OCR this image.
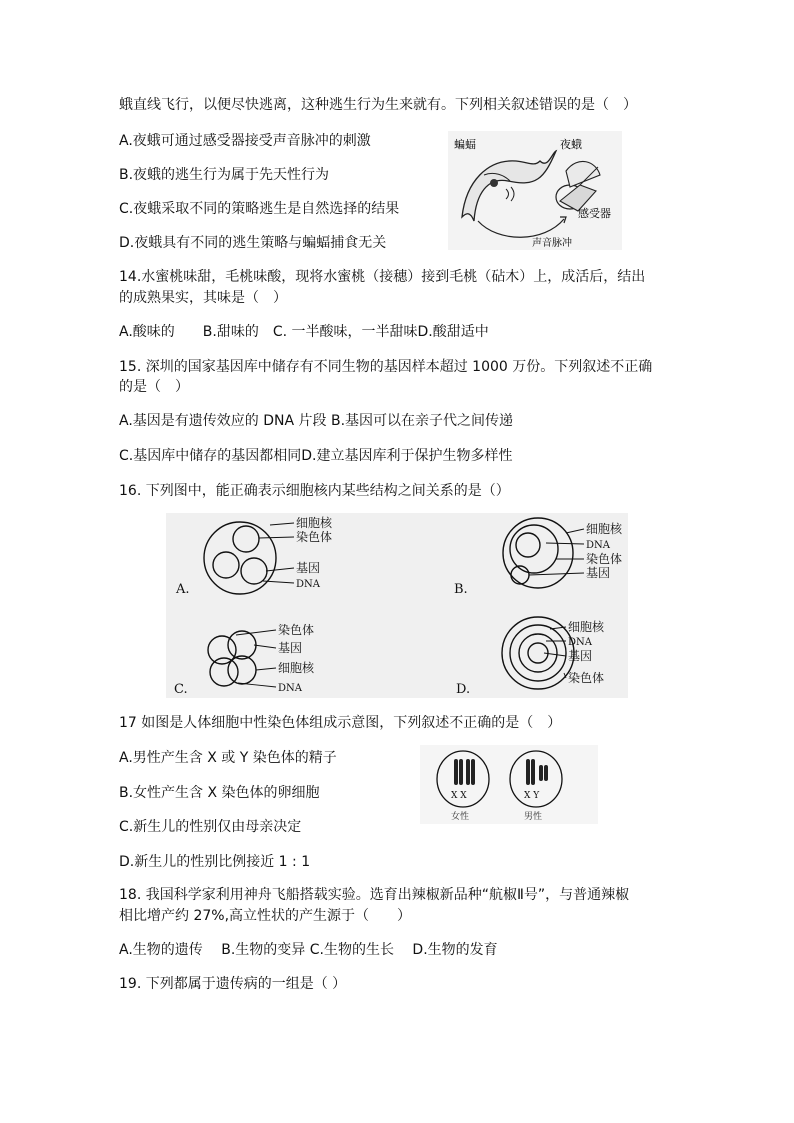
蛾直线飞行，以便尽快逃离，这种逃生行为生来就有。下列相关叙述错误的是（　）
A.夜蛾可通过感受器接受声音脉冲的刺激
B.夜蛾的逃生行为属于先天性行为
C.夜蛾采取不同的策略逃生是自然选择的结果
D.夜蛾具有不同的逃生策略与蝙蝠捕食无关
蝙蝠	夜蛾
感受器
声音脉冲
14.水蜜桃味甜，毛桃味酸，现将水蜜桃（接穗）接到毛桃（砧木）上，成活后，结出
的成熟果实，其味是（　）
A.酸味的　　B.甜味的　C. 一半酸味，一半甜味D.酸甜适中
15. 深圳的国家基因库中储存有不同生物的基因样本超过 1000 万份。下列叙述不正确
的是（　）
A.基因是有遗传效应的 DNA 片段 B.基因可以在亲子代之间传递
C.基因库中储存的基因都相同D.建立基因库利于保护生物多样性
16. 下列图中，能正确表示细胞核内某些结构之间关系的是（）
A.
细胞核
染色体
基因
DNA	B.
细胞核
DNA
染色体
基因
C.
染色体
基因
细胞核
DNA	D.
细胞核
DNA
基因
染色体
17 如图是人体细胞中性染色体组成示意图，下列叙述不正确的是（　）
A.男性产生含 X 或 Y 染色体的精子
B.女性产生含 X 染色体的卵细胞
C.新生儿的性别仅由母亲决定
D.新生儿的性别比例接近 1 : 1
X X	X Y
女性	男性
18. 我国科学家利用神舟飞船搭载实验。选育出辣椒新品种“航椒Ⅱ号”，与普通辣椒
相比增产约 27%,高立性状的产生源于（　　）
A.生物的遗传　 B.生物的变异 C.生物的生长　 D.生物的发育
19. 下列都属于遗传病的一组是（ ）
